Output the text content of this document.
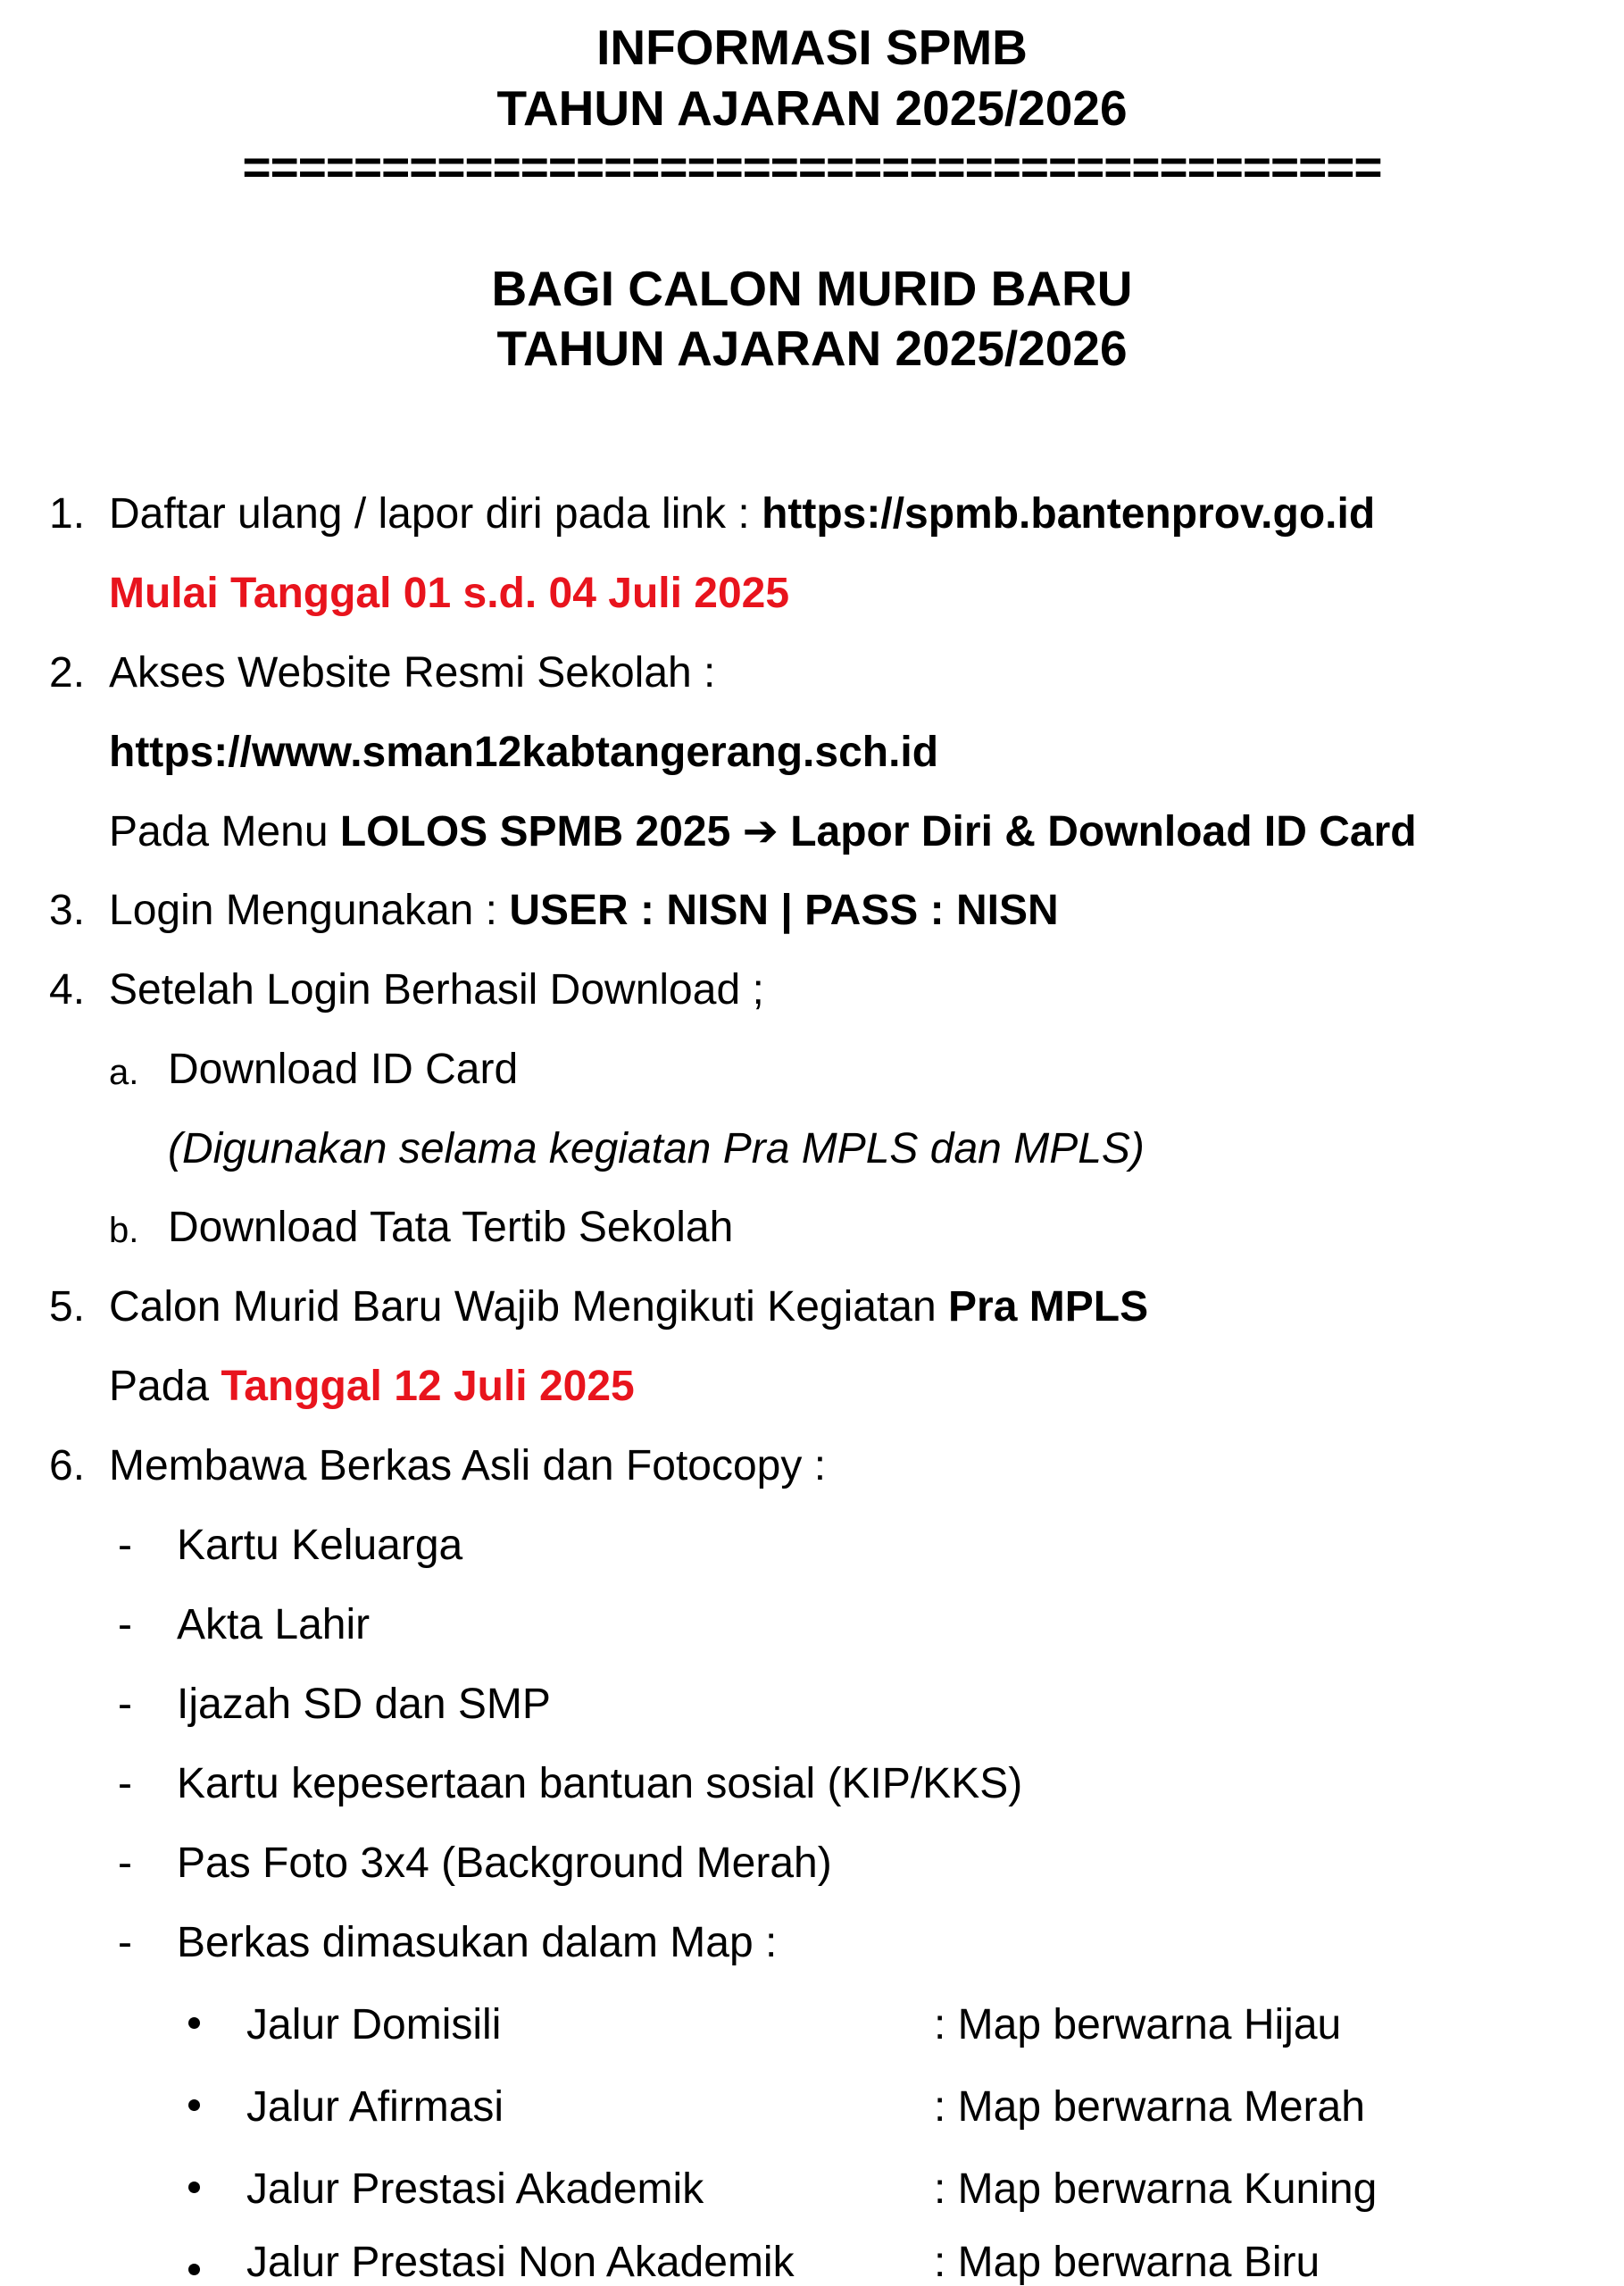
INFORMASI SPMB
TAHUN AJARAN 2025/2026
=========================================
BAGI CALON MURID BARU
TAHUN AJARAN 2025/2026
1. Daftar ulang / lapor diri pada link : https://spmb.bantenprov.go.id
Mulai Tanggal 01 s.d. 04 Juli 2025
2. Akses Website Resmi Sekolah :
https://www.sman12kabtangerang.sch.id
Pada Menu LOLOS SPMB 2025 ➔ Lapor Diri & Download ID Card
3. Login Mengunakan : USER : NISN | PASS : NISN
4. Setelah Login Berhasil Download ;
a. Download ID Card
(Digunakan selama kegiatan Pra MPLS dan MPLS)
b. Download Tata Tertib Sekolah
5. Calon Murid Baru Wajib Mengikuti Kegiatan Pra MPLS
Pada Tanggal 12 Juli 2025
6. Membawa Berkas Asli dan Fotocopy :
- Kartu Keluarga
- Akta Lahir
- Ijazah SD dan SMP
- Kartu kepesertaan bantuan sosial (KIP/KKS)
- Pas Foto 3x4 (Background Merah)
- Berkas dimasukan dalam Map :
Jalur Domisili	: Map berwarna Hijau
Jalur Afirmasi	: Map berwarna Merah
Jalur Prestasi Akademik	: Map berwarna Kuning
Jalur Prestasi Non Akademik	: Map berwarna Biru
